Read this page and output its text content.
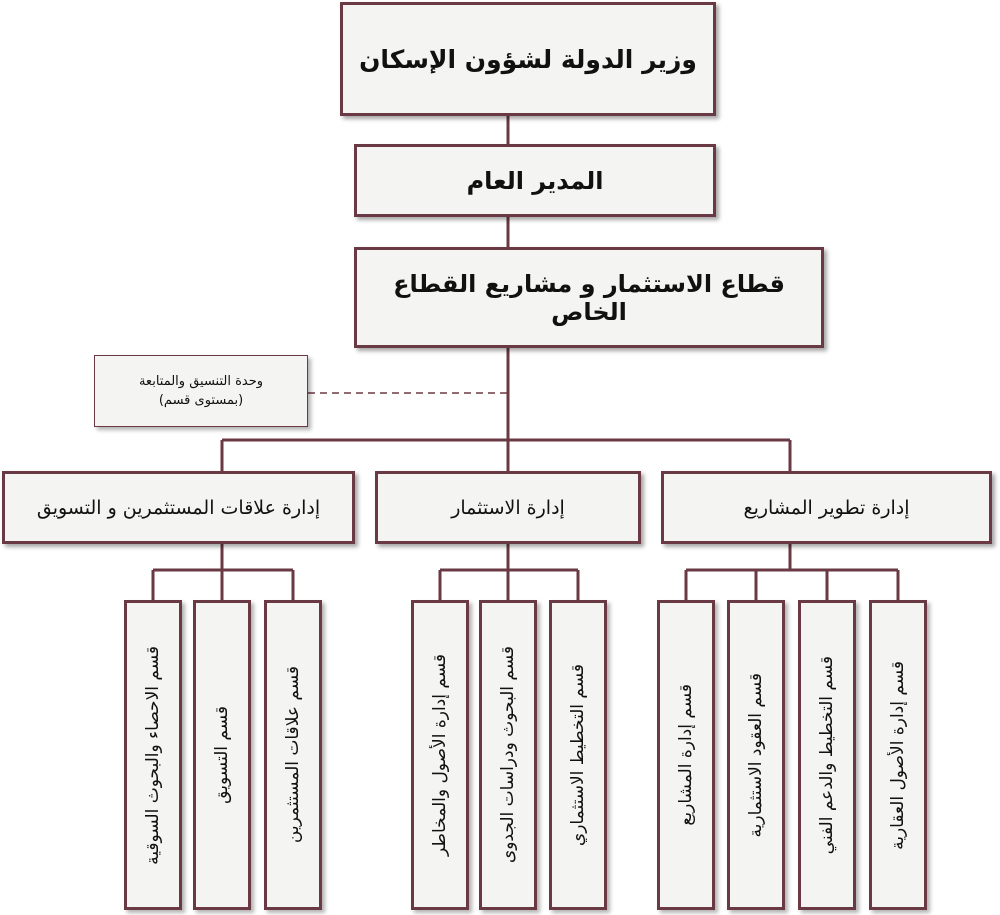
وزير الدولة لشؤون الإسكان
المدير العام
قطاع الاستثمار و مشاريع القطاع الخاص
وحدة التنسيق والمتابعة
(بمستوى قسم)
إدارة تطوير المشاريع
إدارة الاستثمار
إدارة علاقات المستثمرين و التسويق
قسم إدارة الأصول العقارية
قسم التخطيط والدعم الفني
قسم العقود الاستثمارية
قسم إدارة المشاريع
قسم التخطيط الاستثماري
قسم البحوث ودراسات الجدوى
قسم إدارة الأصول والمخاطر
قسم علاقات المستثمرين
قسم التسويق
قسم الاحصاء والبحوث السوقية
